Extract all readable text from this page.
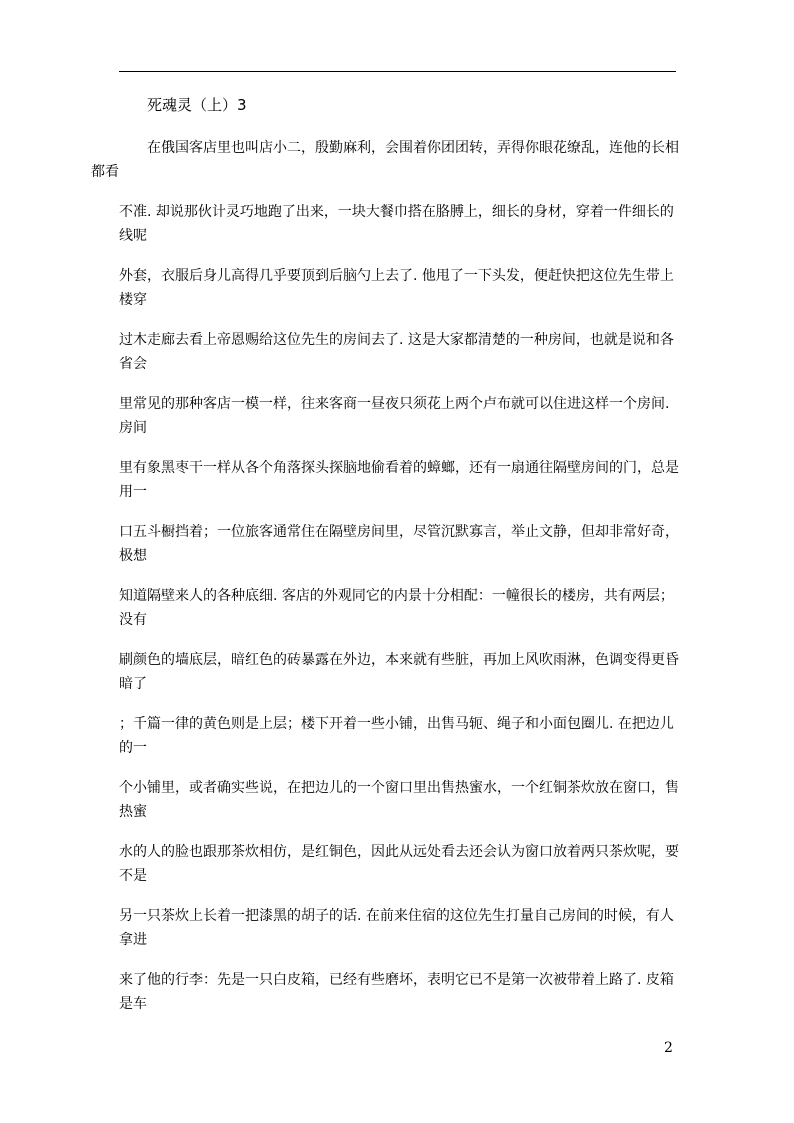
死魂灵（上）3

在俄国客店里也叫店小二，殷勤麻利，会围着你团团转，弄得你眼花缭乱，连他的长相
都看

不准. 却说那伙计灵巧地跑了出来，一块大餐巾搭在胳膊上，细长的身材，穿着一件细长的
线呢

外套，衣服后身儿高得几乎要顶到后脑勺上去了. 他甩了一下头发，便赶快把这位先生带上
楼穿

过木走廊去看上帝恩赐给这位先生的房间去了. 这是大家都清楚的一种房间，也就是说和各
省会

里常见的那种客店一模一样，往来客商一昼夜只须花上两个卢布就可以住进这样一个房间.
房间

里有象黑枣干一样从各个角落探头探脑地偷看着的蟑螂，还有一扇通往隔壁房间的门，总是
用一

口五斗橱挡着；一位旅客通常住在隔壁房间里，尽管沉默寡言，举止文静，但却非常好奇，
极想

知道隔壁来人的各种底细. 客店的外观同它的内景十分相配：一幢很长的楼房，共有两层；
没有

刷颜色的墙底层，暗红色的砖暴露在外边，本来就有些脏，再加上风吹雨淋，色调变得更昏
暗了

；千篇一律的黄色则是上层；楼下开着一些小铺，出售马轭、绳子和小面包圈儿. 在把边儿
的一

个小铺里，或者确实些说，在把边儿的一个窗口里出售热蜜水，一个红铜茶炊放在窗口，售
热蜜

水的人的脸也跟那茶炊相仿，是红铜色，因此从远处看去还会认为窗口放着两只茶炊呢，要
不是

另一只茶炊上长着一把漆黑的胡子的话. 在前来住宿的这位先生打量自己房间的时候，有人
拿进

来了他的行李：先是一只白皮箱，已经有些磨坏，表明它已不是第一次被带着上路了. 皮箱
是车

2
